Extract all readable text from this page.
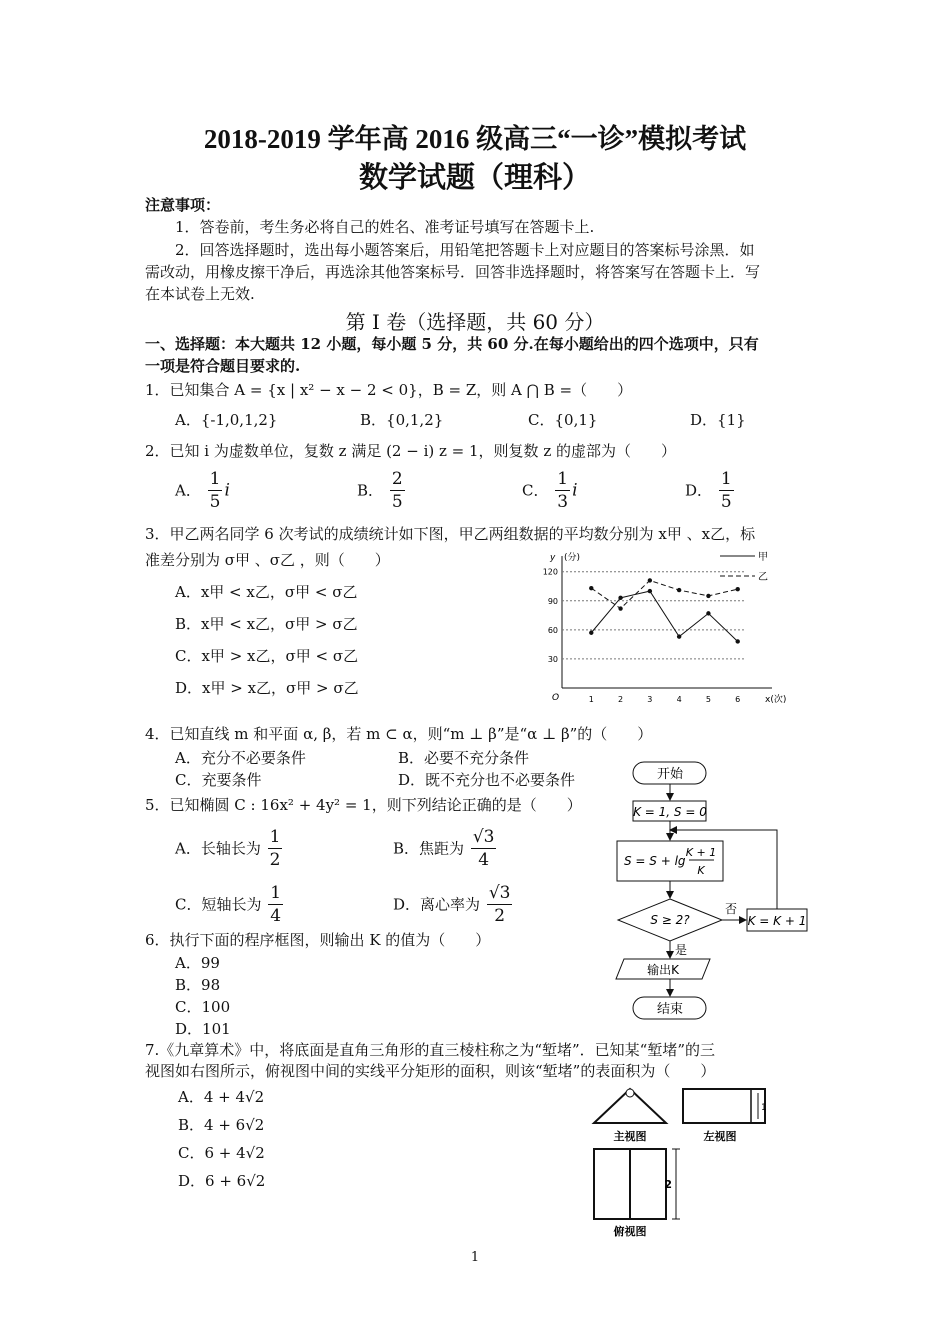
2018-2019 学年高 2016 级高三“一诊”模拟考试
数学试题（理科）
注意事项：
1．答卷前，考生务必将自己的姓名、准考证号填写在答题卡上.
2．回答选择题时，选出每小题答案后，用铅笔把答题卡上对应题目的答案标号涂黑．如
需改动，用橡皮擦干净后，再选涂其他答案标号．回答非选择题时，将答案写在答题卡上．写
在本试卷上无效.
第 I 卷（选择题，共 60 分）
一、选择题：本大题共 12 小题，每小题 5 分，共 60 分.在每小题给出的四个选项中，只有
一项是符合题目要求的.
1．已知集合 A = {x | x² − x − 2 < 0}，B = Z，则 A ⋂ B =（　　）
A．{-1,0,1,2}	B．{0,1,2}	C．{0,1}	D．{1}
2．已知 i 为虚数单位，复数 z 满足 (2 − i) z = 1，则复数 z 的虚部为（　　）
A． $\frac{1}{5}$ i	B． $\frac{2}{5}$	C． $\frac{1}{3}$ i	D． $\frac{1}{5}$
3．甲乙两名同学 6 次考试的成绩统计如下图，甲乙两组数据的平均数分别为 x甲 、x乙，标
准差分别为 σ甲 、σ乙 ，则（　　）
A．x甲 < x乙，σ甲 < σ乙
B．x甲 < x乙，σ甲 > σ乙
C．x甲 > x乙，σ甲 < σ乙
D．x甲 > x乙，σ甲 > σ乙
y (分)
x(次)
O
30
60
90
120
1	2	3	4	5	6
甲
乙
4．已知直线 m 和平面 α, β，若 m ⊂ α，则“m ⊥ β”是“α ⊥ β”的（　　）
A．充分不必要条件	B．必要不充分条件
C．充要条件	D．既不充分也不必要条件
5．已知椭圆 C : 16x² + 4y² = 1，则下列结论正确的是（　　）
A．长轴长为 $\frac{1}{2}$	B．焦距为 $\frac{√3}{4}$
C．短轴长为 $\frac{1}{4}$	D．离心率为 $\frac{√3}{2}$
6．执行下面的程序框图，则输出 K 的值为（　　）
A．99
B．98
C．100
D．101
开始
K = 1, S = 0
S = S + lg
K + 1
K
S ≥ 2?
否
K = K + 1
是
输出K
结束
7.《九章算术》中，将底面是直角三角形的直三棱柱称之为“堑堵”．已知某“堑堵”的三
视图如右图所示，俯视图中间的实线平分矩形的面积，则该“堑堵”的表面积为（　　）
A．4 + 4√2
B．4 + 6√2
C．6 + 4√2
D．6 + 6√2
主视图
1
左视图
2
俯视图
1
